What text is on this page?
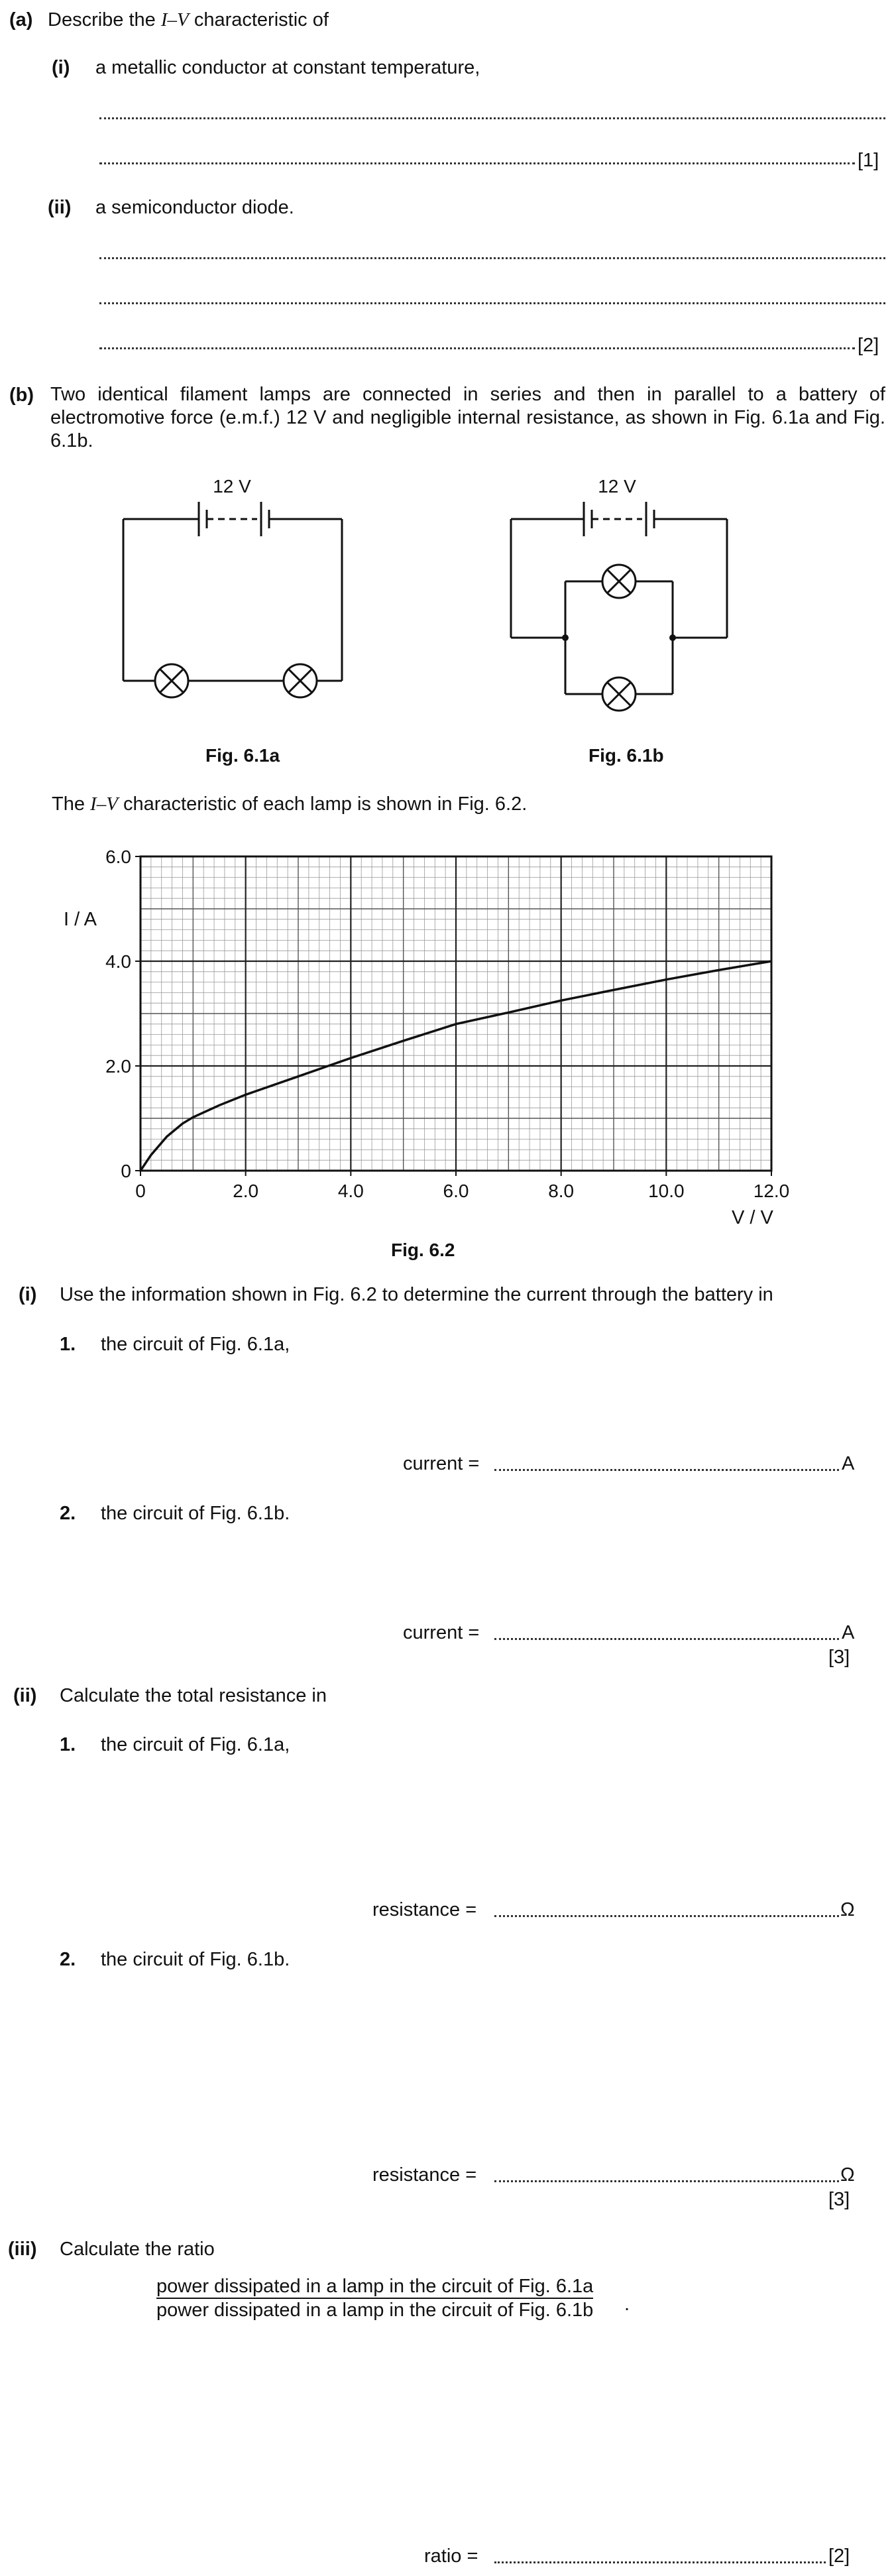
(a) Describe the I–V characteristic of
(i) a metallic conductor at constant temperature,
[1]
(ii) a semiconductor diode.
[2]
(b) Two identical filament lamps are connected in series and then in parallel to a battery of electromotive force (e.m.f.) 12 V and negligible internal resistance, as shown in Fig. 6.1a and Fig. 6.1b.
12 V
Fig. 6.1a
12 V
Fig. 6.1b
The I–V characteristic of each lamp is shown in Fig. 6.2.
0	2.0	4.0	6.0	8.0	10.0	12.0
0
2.0
4.0
6.0
I / A
V / V
Fig. 6.2
(i) Use the information shown in Fig. 6.2 to determine the current through the battery in
1. the circuit of Fig. 6.1a,
current =	A
2. the circuit of Fig. 6.1b.
current =	A
[3]
(ii) Calculate the total resistance in
1. the circuit of Fig. 6.1a,
resistance =	Ω
2. the circuit of Fig. 6.1b.
resistance =	Ω
[3]
(iii) Calculate the ratio
power dissipated in a lamp in the circuit of Fig. 6.1a
power dissipated in a lamp in the circuit of Fig. 6.1b .
ratio =	[2]
